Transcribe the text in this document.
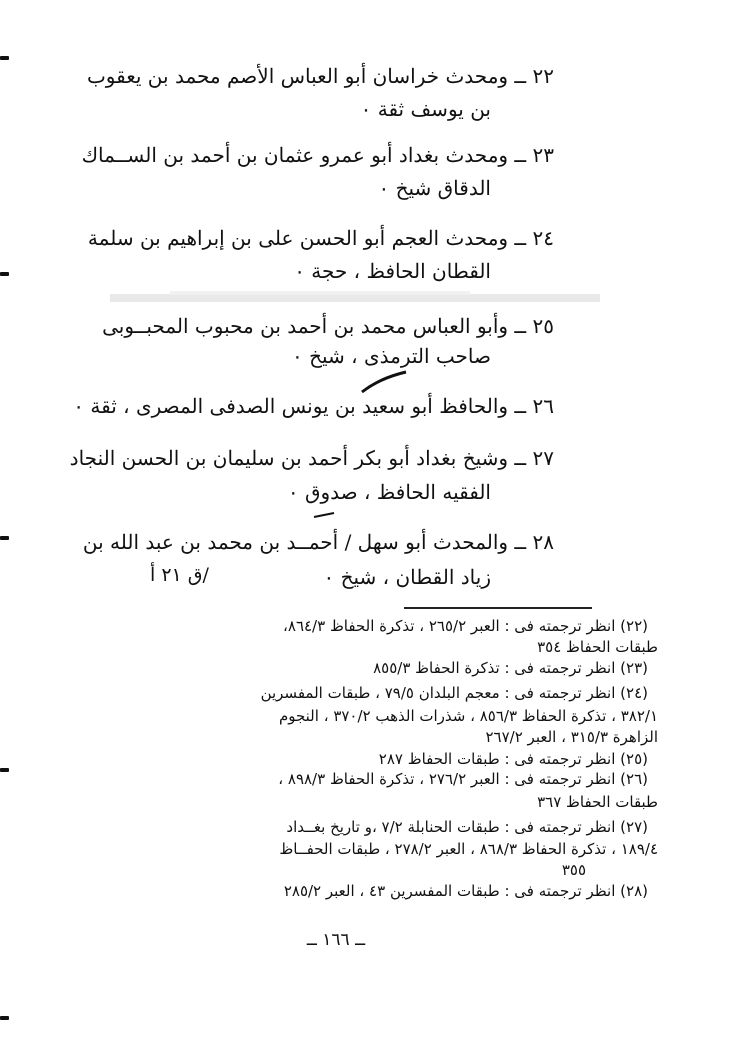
٢٢ ــ ومحدث خراسان أبو العباس الأصم محمد بن يعقوب
بن يوسف ثقة ٠
٢٣ ــ ومحدث بغداد أبو عمرو عثمان بن أحمد بن الســماك
الدقاق شيخ ٠
٢٤ ــ ومحدث العجم أبو الحسن على بن إبراهيم بن سلمة
القطان الحافظ ، حجة ٠
٢٥ ــ وأبو العباس محمد بن أحمد بن محبوب المحبــوبى
صاحب الترمذى ، شيخ ٠
٢٦ ــ والحافظ أبو سعيد بن يونس الصدفى المصرى ، ثقة ٠
٢٧ ــ وشيخ بغداد أبو بكر أحمد بن سليمان بن الحسن النجاد
الفقيه الحافظ ، صدوق ٠
٢٨ ــ والمحدث أبو سهل / أحمــد بن محمد بن عبد الله بن
زياد القطان ، شيخ ٠
/ق ٢١ أ
(٢٢) انظر ترجمته فى : العبر ٢٦٥/٢ ، تذكرة الحفاظ ٨٦٤/٣،
طبقات الحفاظ ٣٥٤
(٢٣) انظر ترجمته فى : تذكرة الحفاظ ٨٥٥/٣
(٢٤) انظر ترجمته فى : معجم البلدان ٧٩/٥ ، طبقات المفسرين
٣٨٢/١ ، تذكرة الحفاظ ٨٥٦/٣ ، شذرات الذهب ٣٧٠/٢ ، النجوم
الزاهرة ٣١٥/٣ ، العبر ٢٦٧/٢
(٢٥) انظر ترجمته فى : طبقات الحفاظ ٢٨٧
(٢٦) انظر ترجمته فى : العبر ٢٧٦/٢ ، تذكرة الحفاظ ٨٩٨/٣ ،
طبقات الحفاظ ٣٦٧
(٢٧) انظر ترجمته فى : طبقات الحنابلة ٧/٢ ،و تاريخ بغــداد
١٨٩/٤ ، تذكرة الحفاظ ٨٦٨/٣ ، العبر ٢٧٨/٢ ، طبقات الحفــاظ
٣٥٥
(٢٨) انظر ترجمته فى : طبقات المفسرين ٤٣ ، العبر ٢٨٥/٢
ــ ١٦٦ ــ
